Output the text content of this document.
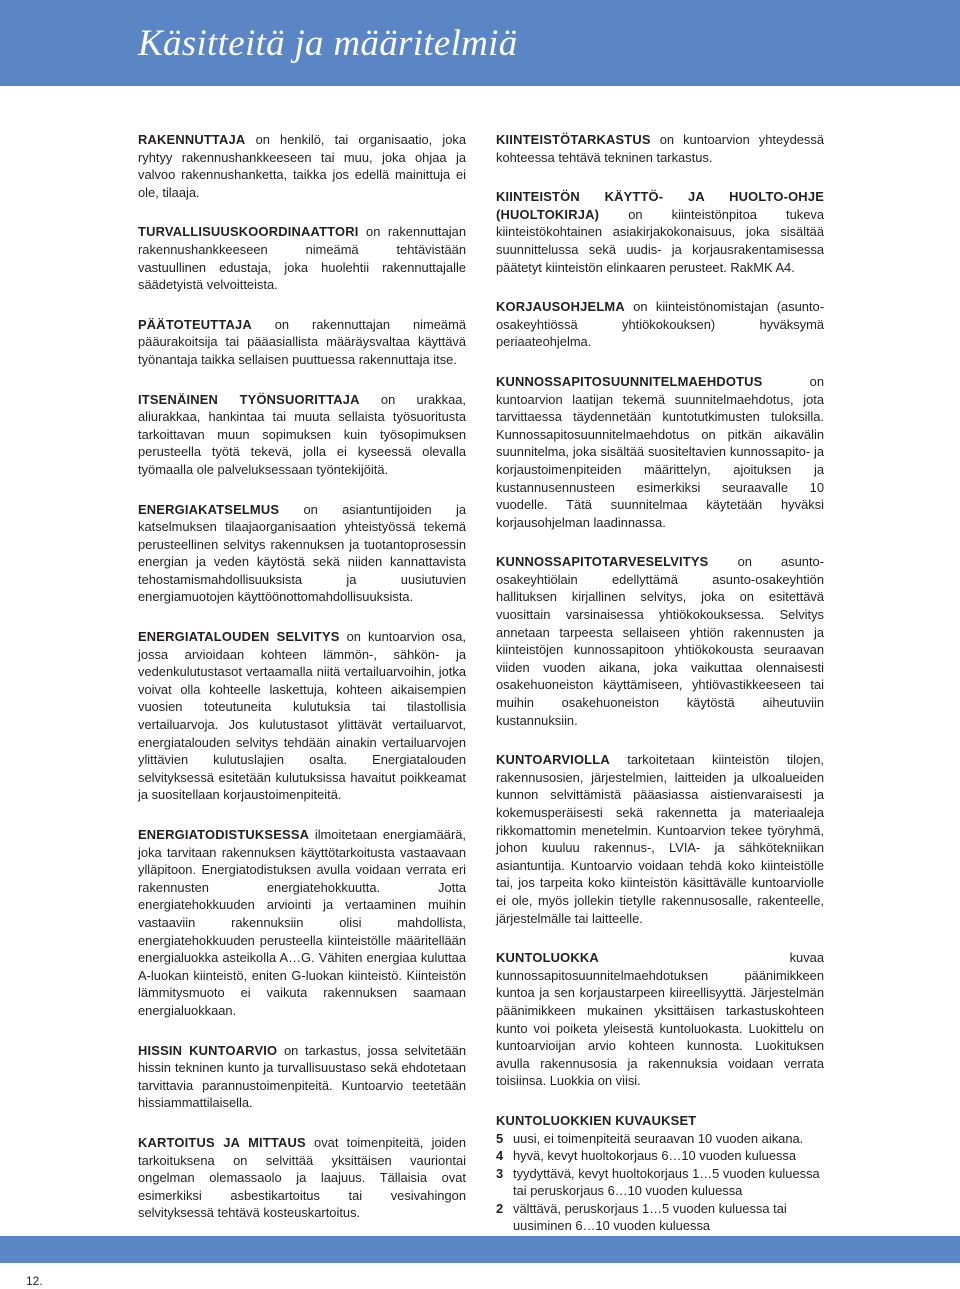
Käsitteitä ja määritelmiä

RAKENNUTTAJA on henkilö, tai organisaatio, joka ryhtyy rakennushankkeeseen tai muu, joka ohjaa ja valvoo rakennushanketta, taikka jos edellä mainittuja ei ole, tilaaja.

TURVALLISUUSKOORDINAATTORI on rakennuttajan rakennushankkeeseen nimeämä tehtävistään vastuullinen edustaja, joka huolehtii rakennuttajalle säädetyistä velvoitteista.

PÄÄTOTEUTTAJA on rakennuttajan nimeämä pääurakoitsija tai pääasiallista määräysvaltaa käyttävä työnantaja taikka sellaisen puuttuessa rakennuttaja itse.

ITSENÄINEN TYÖNSUORITTAJA on urakkaa, aliurakkaa, hankintaa tai muuta sellaista työsuoritusta tarkoittavan muun sopimuksen kuin työsopimuksen perusteella työtä tekevä, jolla ei kyseessä olevalla työmaalla ole palveluksessaan työntekijöitä.

ENERGIAKATSELMUS on asiantuntijoiden ja katselmuksen tilaajaorganisaation yhteistyössä tekemä perusteellinen selvitys rakennuksen ja tuotantoprosessin energian ja veden käytöstä sekä niiden kannattavista tehostamismahdollisuuksista ja uusiutuvien energiamuotojen käyttöönottomahdollisuuksista.

ENERGIATALOUDEN SELVITYS on kuntoarvion osa, jossa arvioidaan kohteen lämmön-, sähkön- ja vedenkulutustasot vertaamalla niitä vertailuarvoihin, jotka voivat olla kohteelle laskettuja, kohteen aikaisempien vuosien toteutuneita kulutuksia tai tilastollisia vertailuarvoja. Jos kulutustasot ylittävät vertailuarvot, energiatalouden selvitys tehdään ainakin vertailuarvojen ylittävien kulutuslajien osalta. Energiatalouden selvityksessä esitetään kulutuksissa havaitut poikkeamat ja suositellaan korjaustoimenpiteitä.

ENERGIATODISTUKSESSA ilmoitetaan energiamäärä, joka tarvitaan rakennuksen käyttötarkoitusta vastaavaan ylläpitoon. Energiatodistuksen avulla voidaan verrata eri rakennusten energiatehokkuutta. Jotta energiatehokkuuden arviointi ja vertaaminen muihin vastaaviin rakennuksiin olisi mahdollista, energiatehokkuuden perusteella kiinteistölle määritellään energialuokka asteikolla A…G. Vähiten energiaa kuluttaa A-luokan kiinteistö, eniten G-luokan kiinteistö. Kiinteistön lämmitysmuoto ei vaikuta rakennuksen saamaan energialuokkaan.

HISSIN KUNTOARVIO on tarkastus, jossa selvitetään hissin tekninen kunto ja turvallisuustaso sekä ehdotetaan tarvittavia parannustoimenpiteitä. Kuntoarvio teetetään hissiammattilaisella.

KARTOITUS JA MITTAUS ovat toimenpiteitä, joiden tarkoituksena on selvittää yksittäisen vauriontai ongelman olemassaolo ja laajuus. Tällaisia ovat esimerkiksi asbestikartoitus tai vesivahingon selvityksessä tehtävä kosteuskartoitus.

KIINTEISTÖTARKASTUS on kuntoarvion yhteydessä kohteessa tehtävä tekninen tarkastus.

KIINTEISTÖN KÄYTTÖ- JA HUOLTO-OHJE (HUOLTOKIRJA) on kiinteistönpitoa tukeva kiinteistökohtainen asiakirjakokonaisuus, joka sisältää suunnittelussa sekä uudis- ja korjausrakentamisessa päätetyt kiinteistön elinkaaren perusteet. RakMK A4.

KORJAUSOHJELMA on kiinteistönomistajan (asunto-osakeyhtiössä yhtiökokouksen) hyväksymä periaateohjelma.

KUNNOSSAPITOSUUNNITELMAEHDOTUS on kuntoarvion laatijan tekemä suunnitelmaehdotus, jota tarvittaessa täydennetään kuntotutkimusten tuloksilla. Kunnossapitosuunnitelmaehdotus on pitkän aikavälin suunnitelma, joka sisältää suositeltavien kunnossapito- ja korjaustoimenpiteiden määrittelyn, ajoituksen ja kustannusennusteen esimerkiksi seuraavalle 10 vuodelle. Tätä suunnitelmaa käytetään hyväksi korjausohjelman laadinnassa.

KUNNOSSAPITOTARVESELVITYS on asunto-osakeyhtiölain edellyttämä asunto-osakeyhtiön hallituksen kirjallinen selvitys, joka on esitettävä vuosittain varsinaisessa yhtiökokouksessa. Selvitys annetaan tarpeesta sellaiseen yhtiön rakennusten ja kiinteistöjen kunnossapitoon yhtiökokousta seuraavan viiden vuoden aikana, joka vaikuttaa olennaisesti osakehuoneiston käyttämiseen, yhtiövastikkeeseen tai muihin osakehuoneiston käytöstä aiheutuviin kustannuksiin.

KUNTOARVIOLLA tarkoitetaan kiinteistön tilojen, rakennusosien, järjestelmien, laitteiden ja ulkoalueiden kunnon selvittämistä pääasiassa aistienvaraisesti ja kokemusperäisesti sekä rakennetta ja materiaaleja rikkomattomin menetelmin. Kuntoarvion tekee työryhmä, johon kuuluu rakennus-, LVIA- ja sähkötekniikan asiantuntija. Kuntoarvio voidaan tehdä koko kiinteistölle tai, jos tarpeita koko kiinteistön käsittävälle kuntoarviolle ei ole, myös jollekin tietylle rakennusosalle, rakenteelle, järjestelmälle tai laitteelle.

KUNTOLUOKKA kuvaa kunnossapitosuunnitelmaehdotuksen päänimikkeen kuntoa ja sen korjaustarpeen kiireellisyyttä. Järjestelmän päänimikkeen mukainen yksittäisen tarkastuskohteen kunto voi poiketa yleisestä kuntoluokasta. Luokittelu on kuntoarvioijan arvio kohteen kunnosta. Luokituksen avulla rakennusosia ja rakennuksia voidaan verrata toisiinsa. Luokkia on viisi.

KUNTOLUOKKIEN KUVAUKSET

5 uusi, ei toimenpiteitä seuraavan 10 vuoden aikana.
4 hyvä, kevyt huoltokorjaus 6…10 vuoden kuluessa
3 tyydyttävä, kevyt huoltokorjaus 1…5 vuoden kuluessa tai peruskorjaus 6…10 vuoden kuluessa
2 välttävä, peruskorjaus 1…5 vuoden kuluessa tai uusiminen 6…10 vuoden kuluessa
12.
